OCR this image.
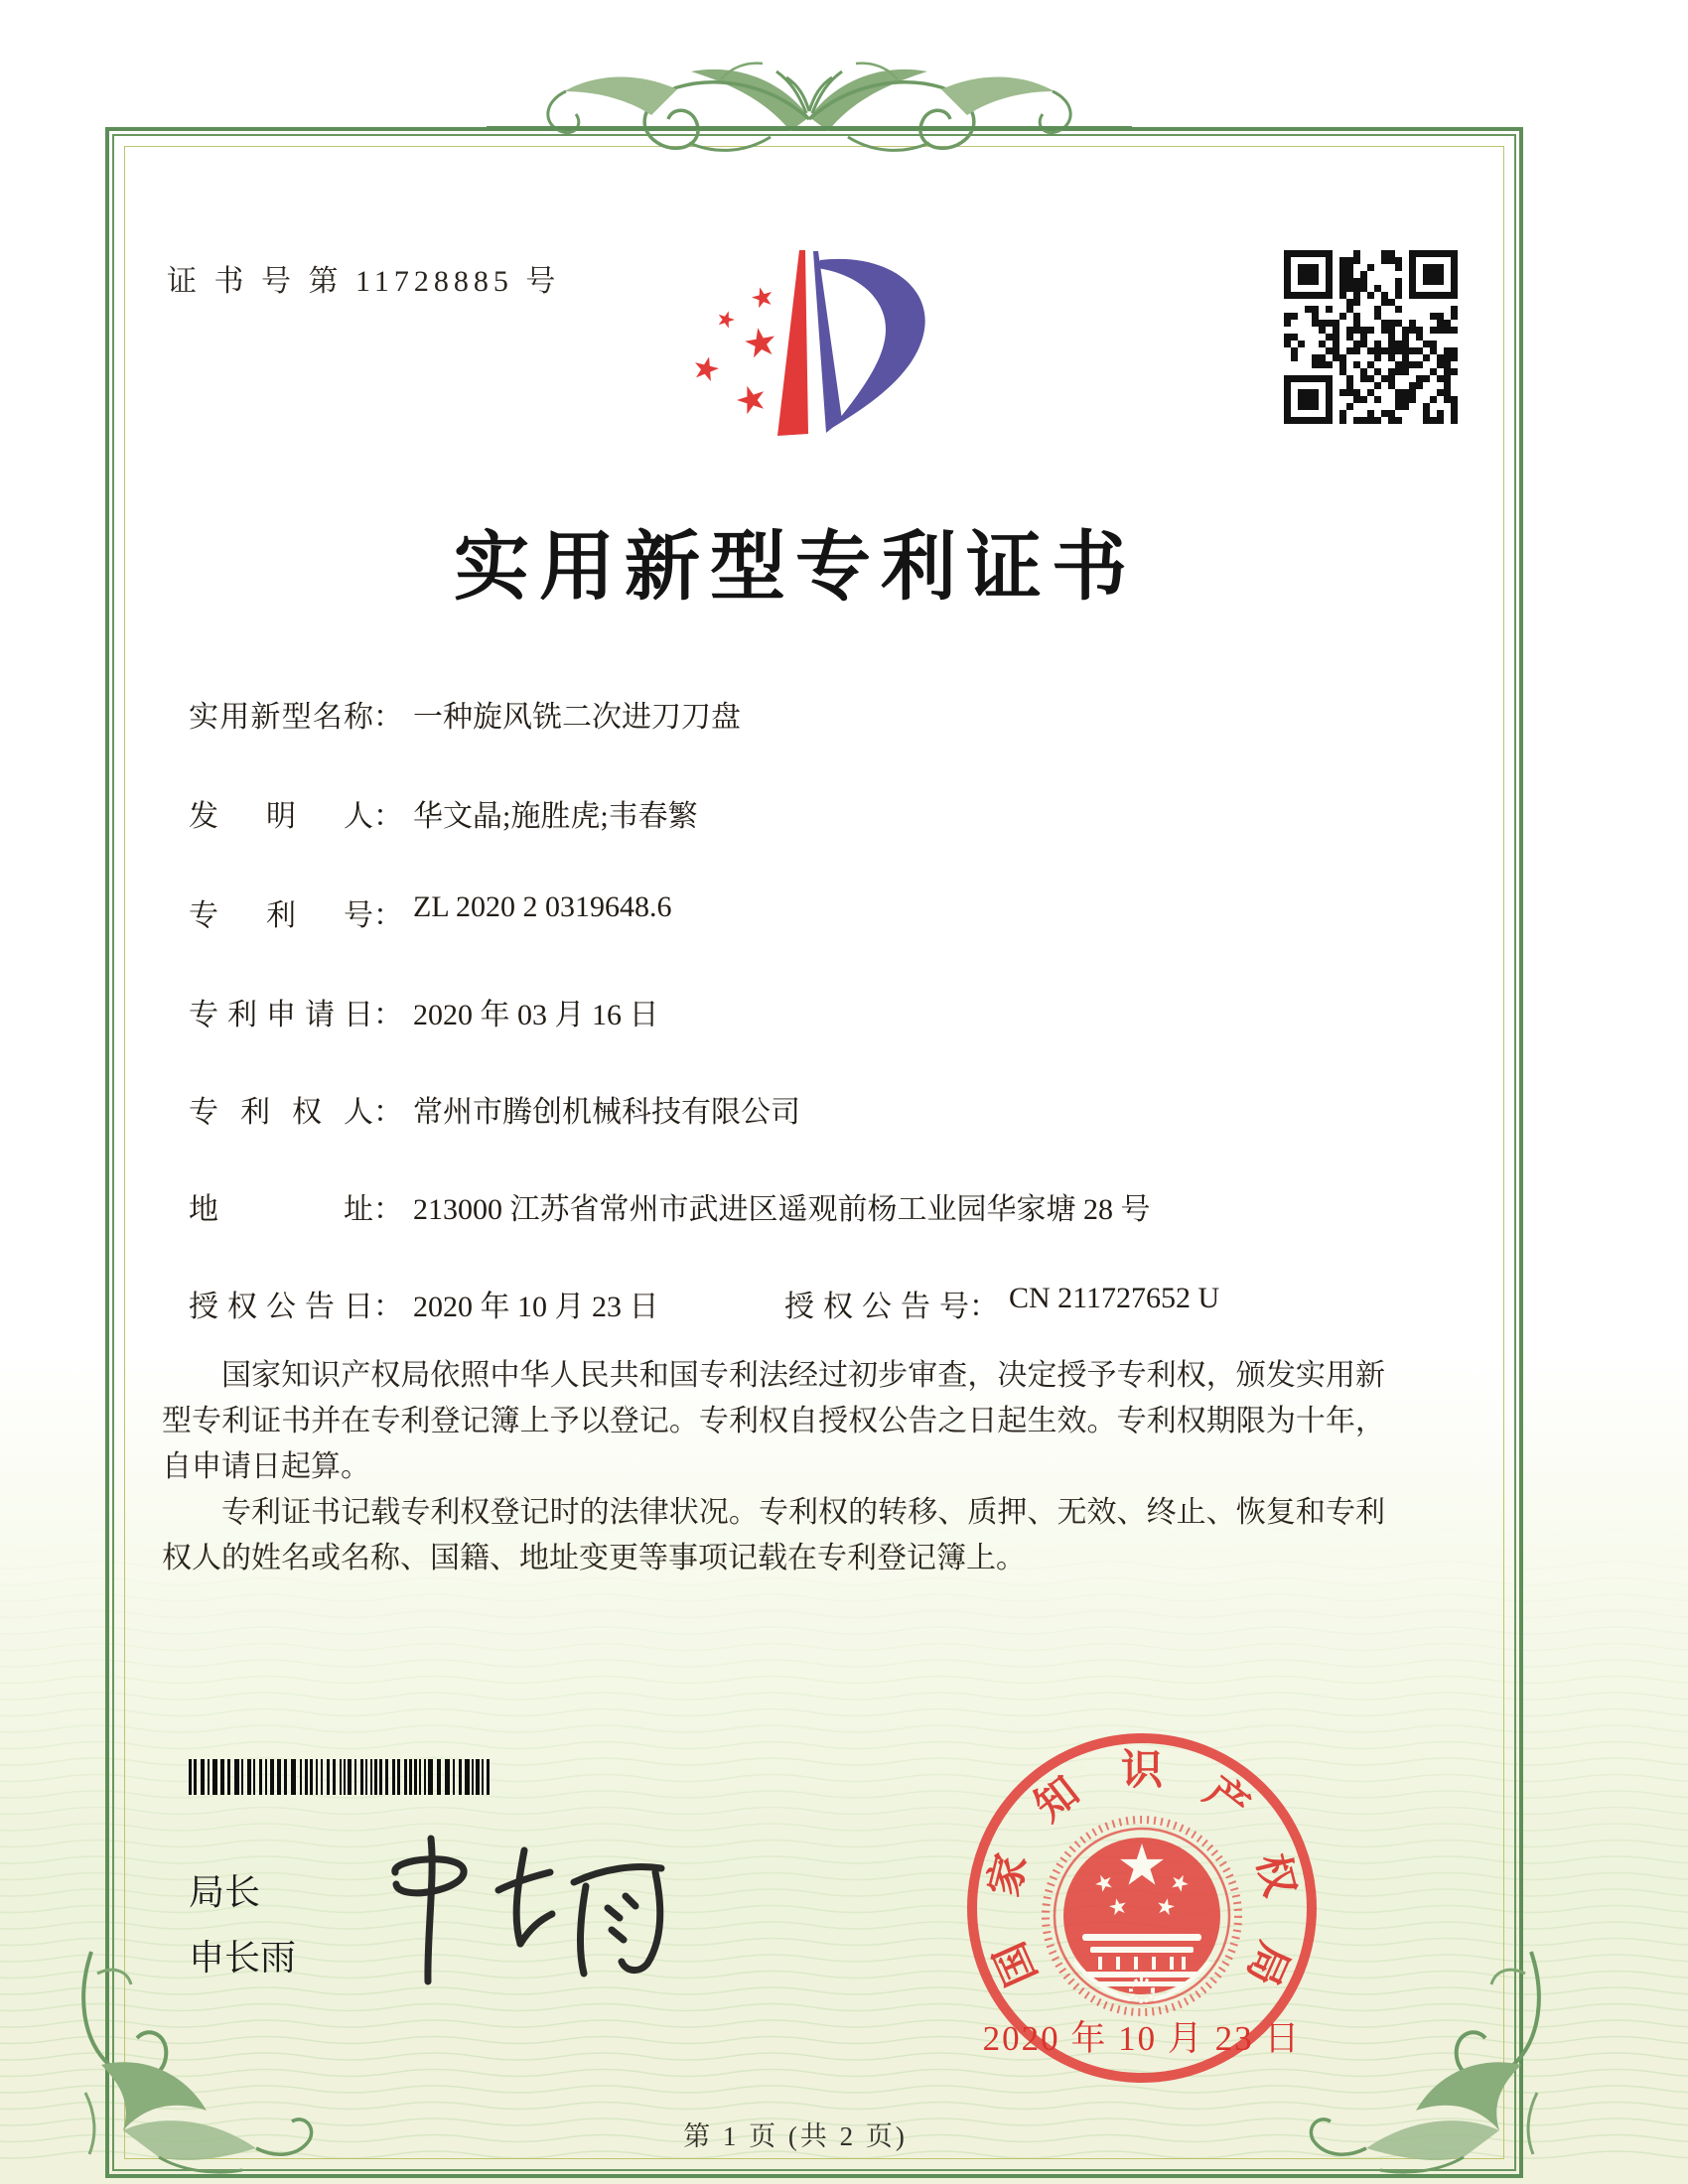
证 书 号 第 11728885 号
实用新型专利证书
实用新型名称： 一种旋风铣二次进刀刀盘
发明人： 华文晶;施胜虎;韦春繁
专利号： ZL 2020 2 0319648.6
专利申请日： 2020 年 03 月 16 日
专利权人： 常州市腾创机械科技有限公司
地址： 213000 江苏省常州市武进区遥观前杨工业园华家塘 28 号
授权公告日： 2020 年 10 月 23 日	授权公告号： CN 211727652 U

国家知识产权局依照中华人民共和国专利法经过初步审查，决定授予专利权，颁发实用新型专利证书并在专利登记簿上予以登记。专利权自授权公告之日起生效。专利权期限为十年，自申请日起算。

专利证书记载专利权登记时的法律状况。专利权的转移、质押、无效、终止、恢复和专利权人的姓名或名称、国籍、地址变更等事项记载在专利登记簿上。

局长
申长雨
2020 年 10 月 23 日
第 1 页 (共 2 页)
国
家
知 识 产
权
局
